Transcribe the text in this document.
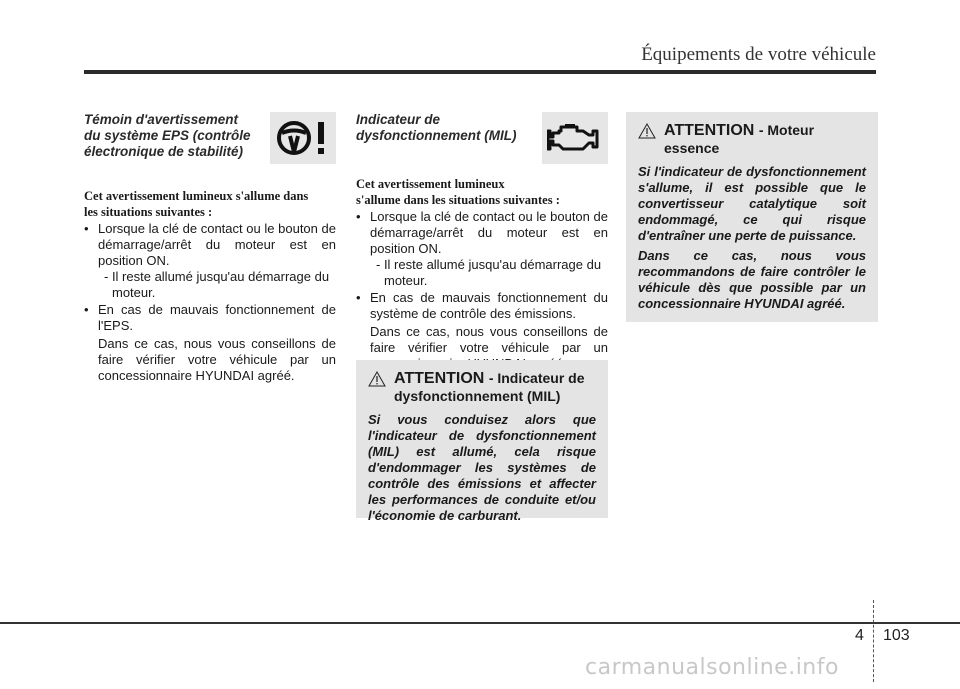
Équipements de votre véhicule
Témoin d'avertissement
du système EPS (contrôle
électronique de stabilité)
Cet avertissement lumineux s'allume dans
les situations suivantes :
• Lorsque la clé de contact ou le bouton de démarrage/arrêt du moteur est en position ON.
- Il reste allumé jusqu'au démarrage du moteur.
• En cas de mauvais fonctionnement de l'EPS.
Dans ce cas, nous vous conseillons de faire vérifier votre véhicule par un concessionnaire HYUNDAI agréé.
Indicateur de
dysfonctionnement (MIL)
Cet avertissement lumineux
s'allume dans les situations suivantes :
• Lorsque la clé de contact ou le bouton de démarrage/arrêt du moteur est en position ON.
- Il reste allumé jusqu'au démarrage du moteur.
• En cas de mauvais fonctionnement du système de contrôle des émissions.
Dans ce cas, nous vous conseillons de faire vérifier votre véhicule par un
ATTENTION - Indicateur de dysfonctionnement (MIL)

Si vous conduisez alors que l'indicateur de dysfonctionnement (MIL) est allumé, cela risque d'endommager les systèmes de contrôle des émissions et affecter les performances de conduite et/ou l'économie de carburant.

ATTENTION - Moteur essence

Si l'indicateur de dysfonctionnement s'allume, il est possible que le convertisseur catalytique soit endommagé, ce qui risque d'entraîner une perte de puissance.

Dans ce cas, nous vous recommandons de faire contrôler le véhicule dès que possible par un concessionnaire HYUNDAI agréé.

4 103
carmanualsonline.info
